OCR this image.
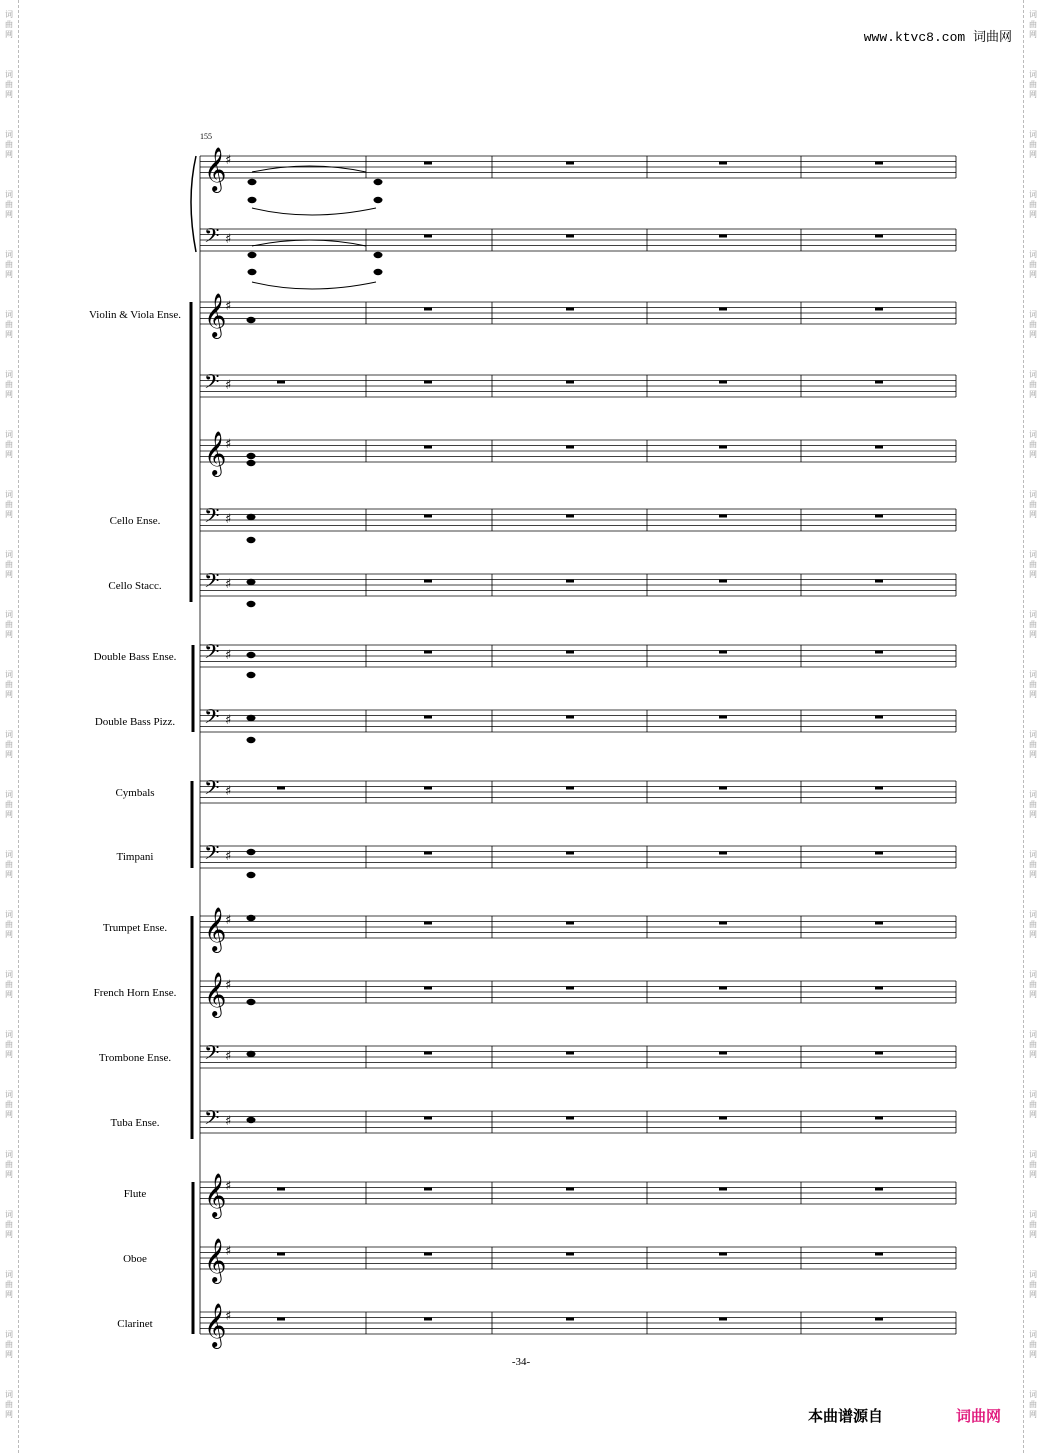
词
曲
网
词
曲
网
词
曲
网
词
曲
网
词
曲
网
词
曲
网
词
曲
网
词
曲
网
词
曲
网
词
曲
网
词
曲
网
词
曲
网
词
曲
网
词
曲
网
词
曲
网
词
曲
网
词
曲
网
词
曲
网
词
曲
网
词
曲
网
词
曲
网
词
曲
网
词
曲
网
词
曲
网
词
曲
网
词
曲
网
词
曲
网
词
曲
网
词
曲
网
词
曲
网
词
曲
网
词
曲
网
词
曲
网
词
曲
网
词
曲
网
词
曲
网
词
曲
网
词
曲
网
词
曲
网
词
曲
网
词
曲
网
词
曲
网
词
曲
网
词
曲
网
词
曲
网
词
曲
网
词
曲
网
词
曲
网
www.ktvc8.com 词曲网
155
Violin & Viola Ense.
Cello Ense.
Cello Stacc.
Double Bass Ense.
Double Bass Pizz.
Cymbals
Timpani
Trumpet Ense.
French Horn Ense.
Trombone Ense.
Tuba Ense.
Flute
Oboe
Clarinet
𝄞
♯
𝄢 ♯
𝄞
♯
𝄢 ♯
𝄞
♯
𝄢 ♯
𝄢 ♯
𝄢 ♯
𝄢 ♯
𝄢 ♯
𝄢 ♯
𝄞
♯
𝄞
♯
𝄢 ♯
𝄢 ♯
𝄞
♯
𝄞
♯
𝄞
♯
-34-
本曲谱源自	词曲网
